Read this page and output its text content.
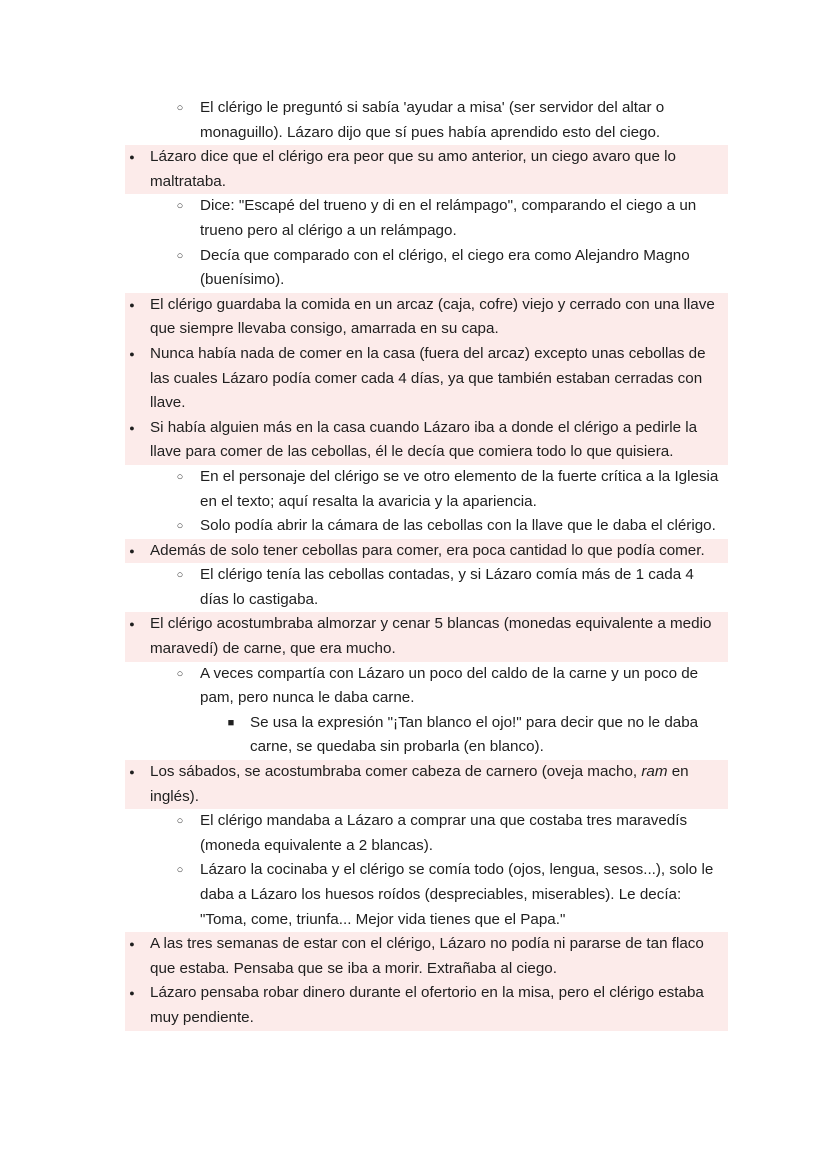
○	El clérigo le preguntó si sabía 'ayudar a misa' (ser servidor del altar o monaguillo). Lázaro dijo que sí pues había aprendido esto del ciego.
●	Lázaro dice que el clérigo era peor que su amo anterior, un ciego avaro que lo maltrataba.
○	Dice: "Escapé del trueno y di en el relámpago", comparando el ciego a un trueno pero al clérigo a un relámpago.
○	Decía que comparado con el clérigo, el ciego era como Alejandro Magno (buenísimo).
●	El clérigo guardaba la comida en un arcaz (caja, cofre) viejo y cerrado con una llave que siempre llevaba consigo, amarrada en su capa.
●	Nunca había nada de comer en la casa (fuera del arcaz) excepto unas cebollas de las cuales Lázaro podía comer cada 4 días, ya que también estaban cerradas con llave.
●	Si había alguien más en la casa cuando Lázaro iba a donde el clérigo a pedirle la llave para comer de las cebollas, él le decía que comiera todo lo que quisiera.
○	En el personaje del clérigo se ve otro elemento de la fuerte crítica a la Iglesia en el texto; aquí resalta la avaricia y la apariencia.
○	Solo podía abrir la cámara de las cebollas con la llave que le daba el clérigo.
●	Además de solo tener cebollas para comer, era poca cantidad lo que podía comer.
○	El clérigo tenía las cebollas contadas, y si Lázaro comía más de 1 cada 4 días lo castigaba.
●	El clérigo acostumbraba almorzar y cenar 5 blancas (monedas equivalente a medio maravedí) de carne, que era mucho.
○	A veces compartía con Lázaro un poco del caldo de la carne y un poco de pam, pero nunca le daba carne.
■	Se usa la expresión "¡Tan blanco el ojo!" para decir que no le daba carne, se quedaba sin probarla (en blanco).
●	Los sábados, se acostumbraba comer cabeza de carnero (oveja macho, ram en inglés).
○	El clérigo mandaba a Lázaro a comprar una que costaba tres maravedís (moneda equivalente a 2 blancas).
○	Lázaro la cocinaba y el clérigo se comía todo (ojos, lengua, sesos...), solo le daba a Lázaro los huesos roídos (despreciables, miserables). Le decía: "Toma, come, triunfa... Mejor vida tienes que el Papa."
●	A las tres semanas de estar con el clérigo, Lázaro no podía ni pararse de tan flaco que estaba. Pensaba que se iba a morir. Extrañaba al ciego.
●	Lázaro pensaba robar dinero durante el ofertorio en la misa, pero el clérigo estaba muy pendiente.
